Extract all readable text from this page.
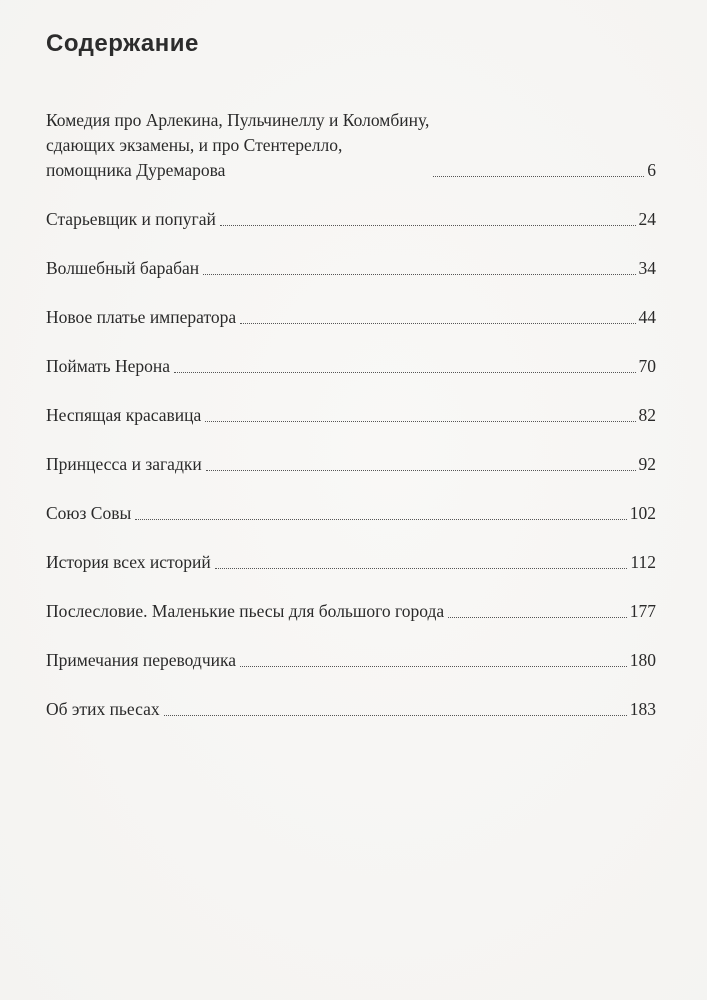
Содержание
Комедия про Арлекина, Пульчинеллу и Коломбину,
сдающих экзамены, и про Стентерелло,
помощника Дуремарова	6
Старьевщик и попугай	24
Волшебный барабан	34
Новое платье императора	44
Поймать Нерона	70
Неспящая красавица	82
Принцесса и загадки	92
Союз Совы	102
История всех историй	112
Послесловие. Маленькие пьесы для большого города	177
Примечания переводчика	180
Об этих пьесах	183
